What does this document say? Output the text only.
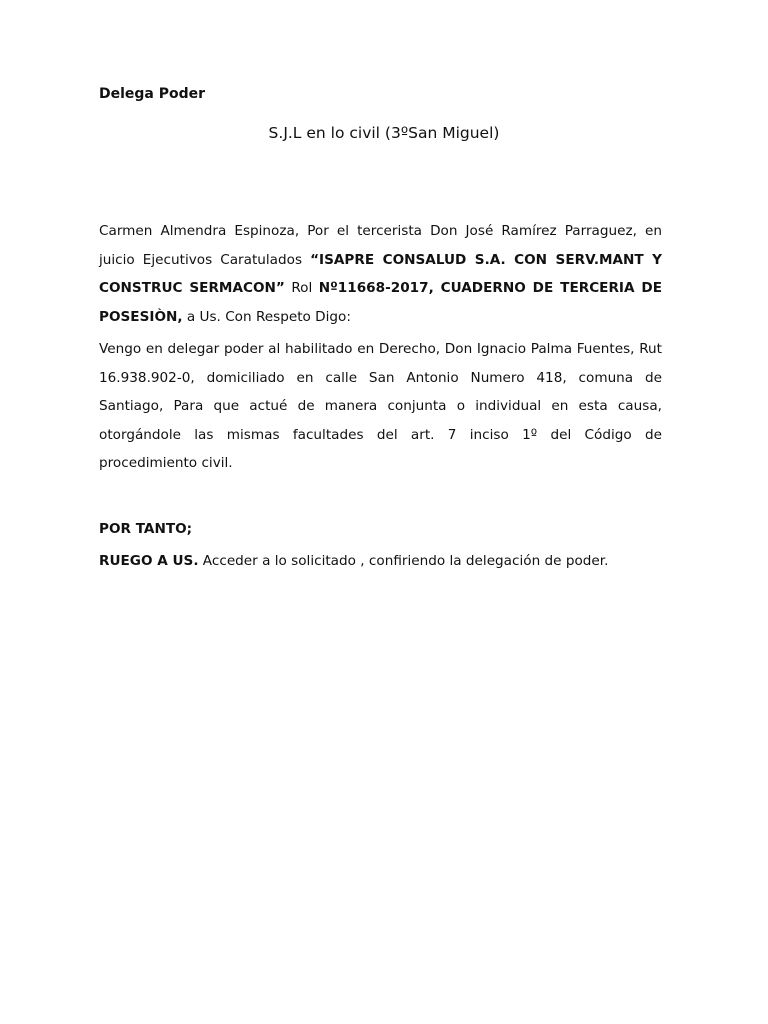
Delega Poder

S.J.L en lo civil (3ºSan Miguel)

Carmen Almendra Espinoza, Por el tercerista Don José Ramírez Parraguez, en juicio Ejecutivos Caratulados “ISAPRE CONSALUD S.A. CON SERV.MANT Y CONSTRUC SERMACON” Rol Nº11668-2017, CUADERNO DE TERCERIA DE POSESIÒN, a Us. Con Respeto Digo:

Vengo en delegar poder al habilitado en Derecho, Don Ignacio Palma Fuentes, Rut 16.938.902-0, domiciliado en calle San Antonio Numero 418, comuna de Santiago, Para que actué de manera conjunta o individual en esta causa, otorgándole las mismas facultades del art. 7 inciso 1º del Código de procedimiento civil.

POR TANTO;

RUEGO A US. Acceder a lo solicitado , confiriendo la delegación de poder.
